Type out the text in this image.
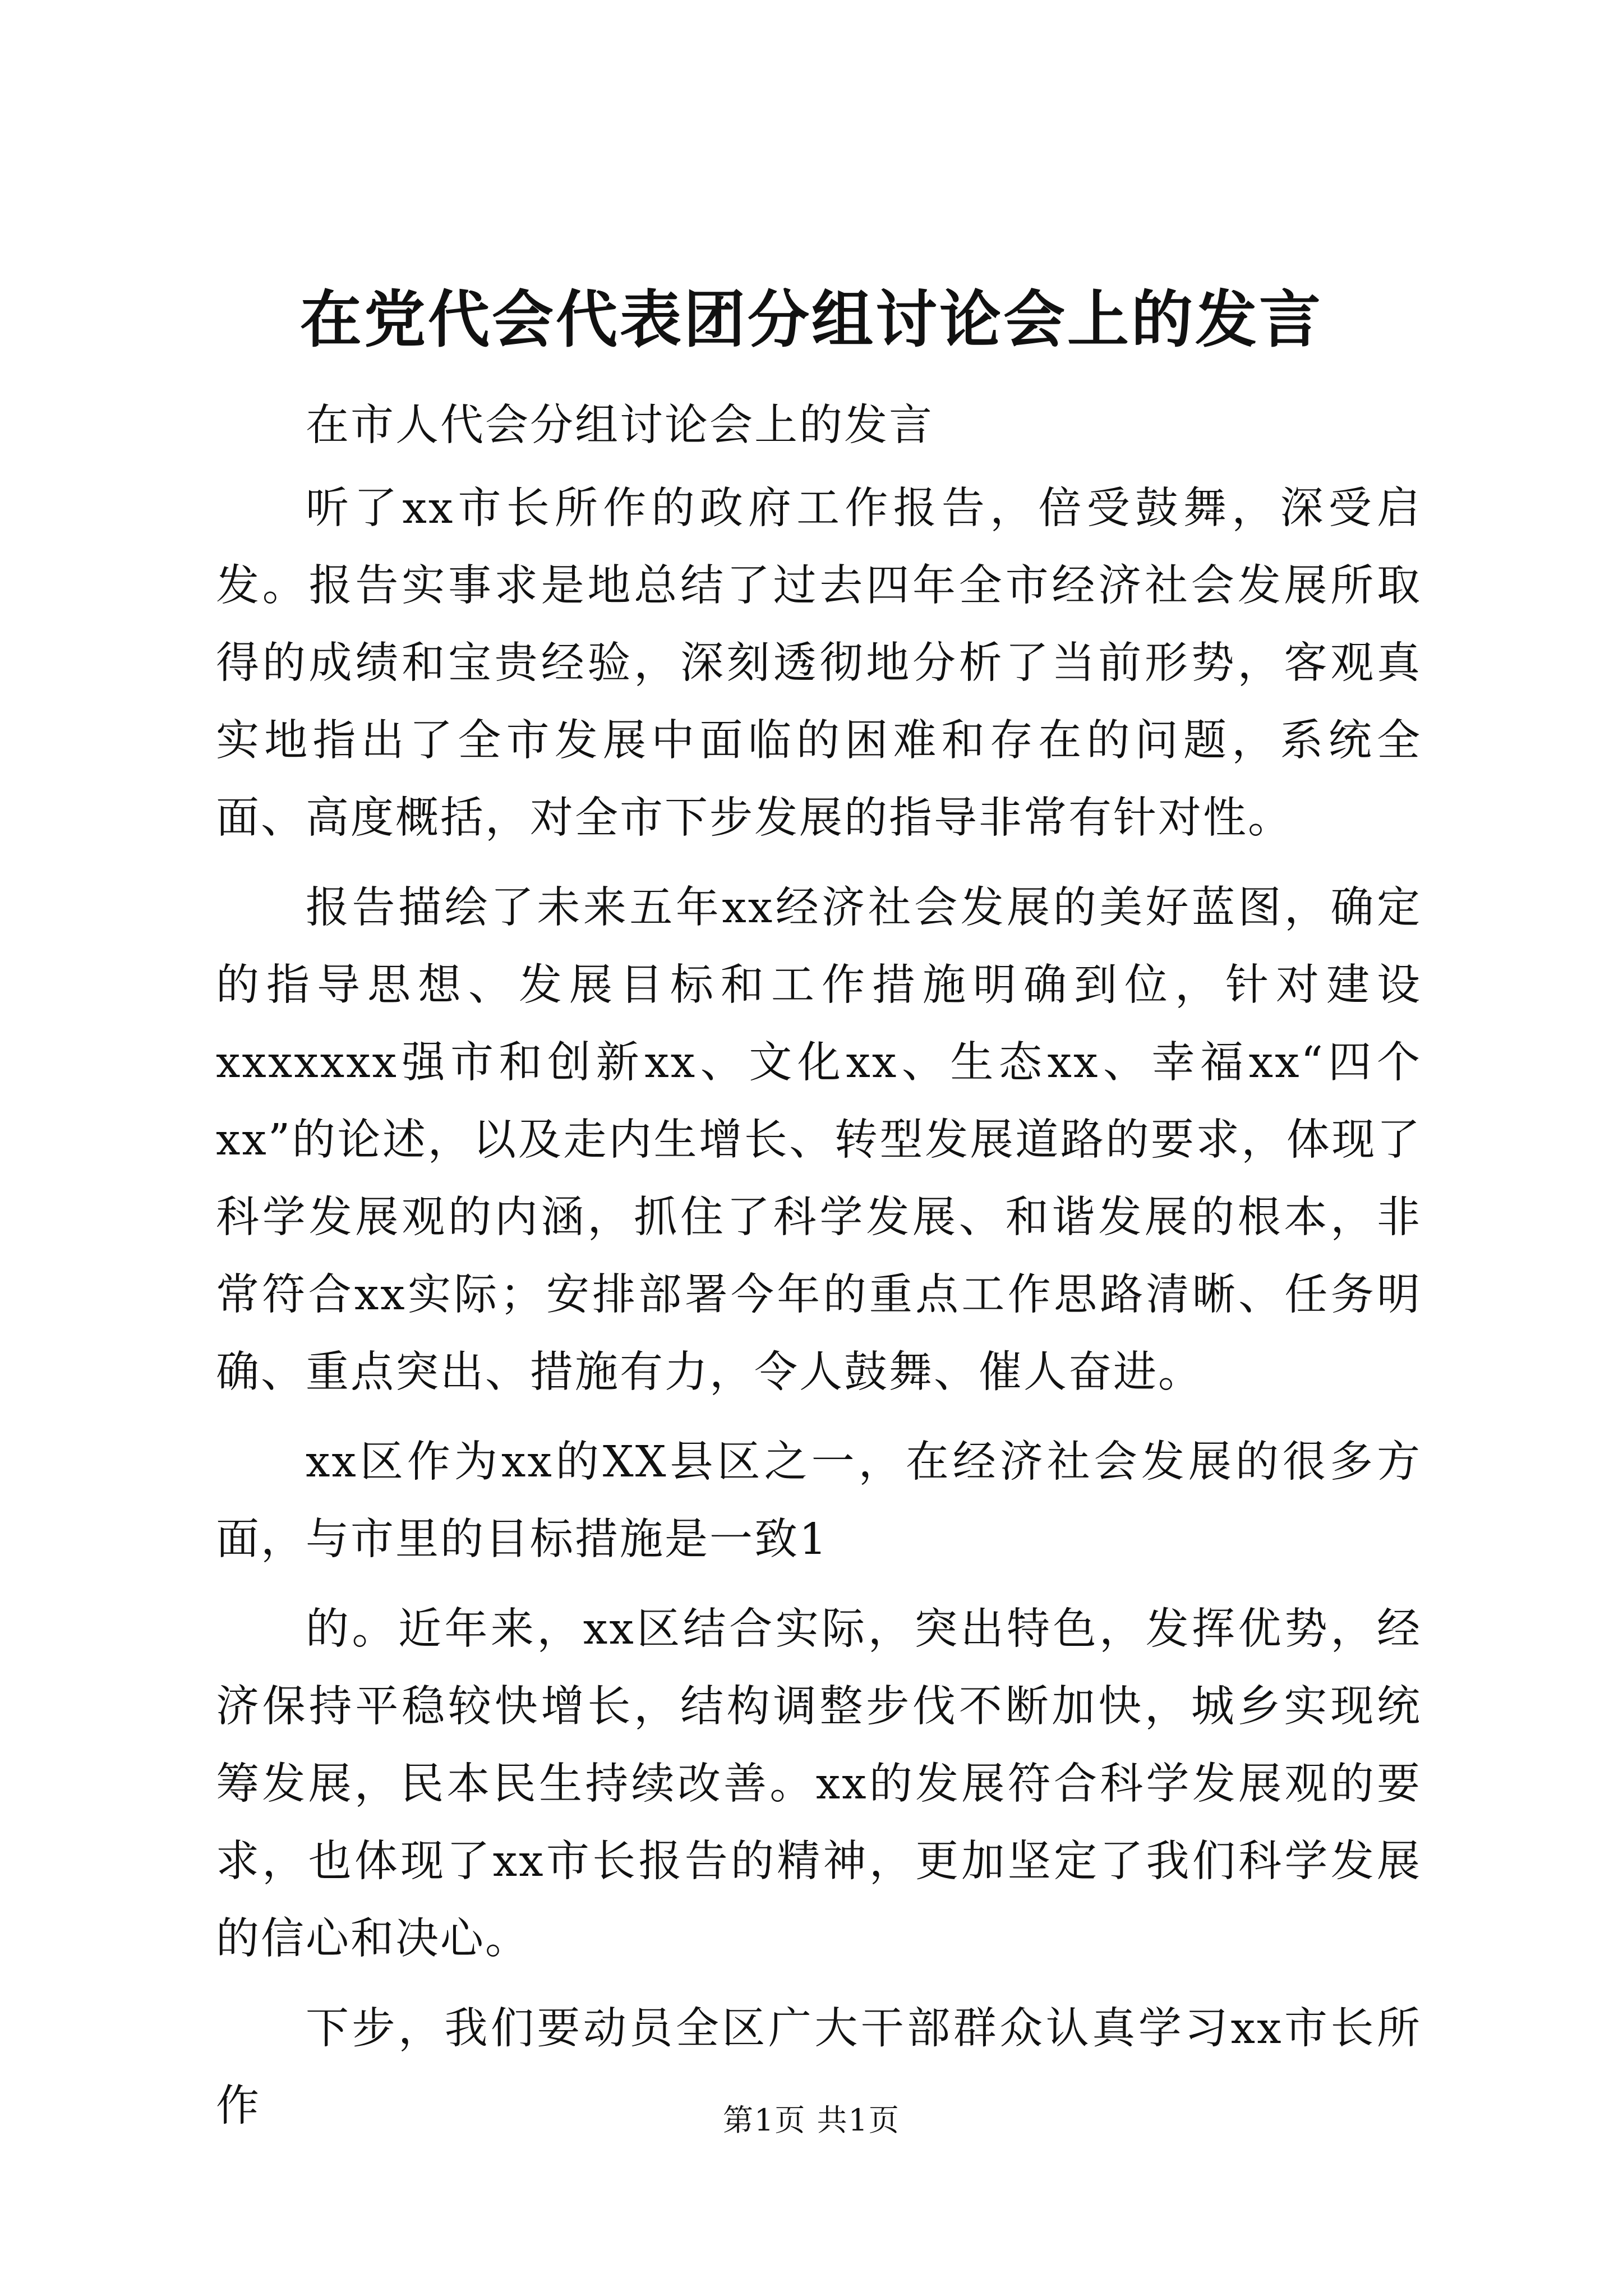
在党代会代表团分组讨论会上的发言

在市人代会分组讨论会上的发言

听了xx市长所作的政府工作报告，倍受鼓舞，深受启发。报告实事求是地总结了过去四年全市经济社会发展所取得的成绩和宝贵经验，深刻透彻地分析了当前形势，客观真实地指出了全市发展中面临的困难和存在的问题，系统全面、高度概括，对全市下步发展的指导非常有针对性。

报告描绘了未来五年xx经济社会发展的美好蓝图，确定的指导思想、发展目标和工作措施明确到位，针对建设xxxxxxx强市和创新xx、文化xx、生态xx、幸福xx“四个xx”的论述，以及走内生增长、转型发展道路的要求，体现了科学发展观的内涵，抓住了科学发展、和谐发展的根本，非常符合xx实际；安排部署今年的重点工作思路清晰、任务明确、重点突出、措施有力，令人鼓舞、催人奋进。

xx区作为xx的XX县区之一，在经济社会发展的很多方面，与市里的目标措施是一致1

的。近年来，xx区结合实际，突出特色，发挥优势，经济保持平稳较快增长，结构调整步伐不断加快，城乡实现统筹发展，民本民生持续改善。xx的发展符合科学发展观的要求，也体现了xx市长报告的精神，更加坚定了我们科学发展的信心和决心。

下步，我们要动员全区广大干部群众认真学习xx市长所作	第1页 共1页
